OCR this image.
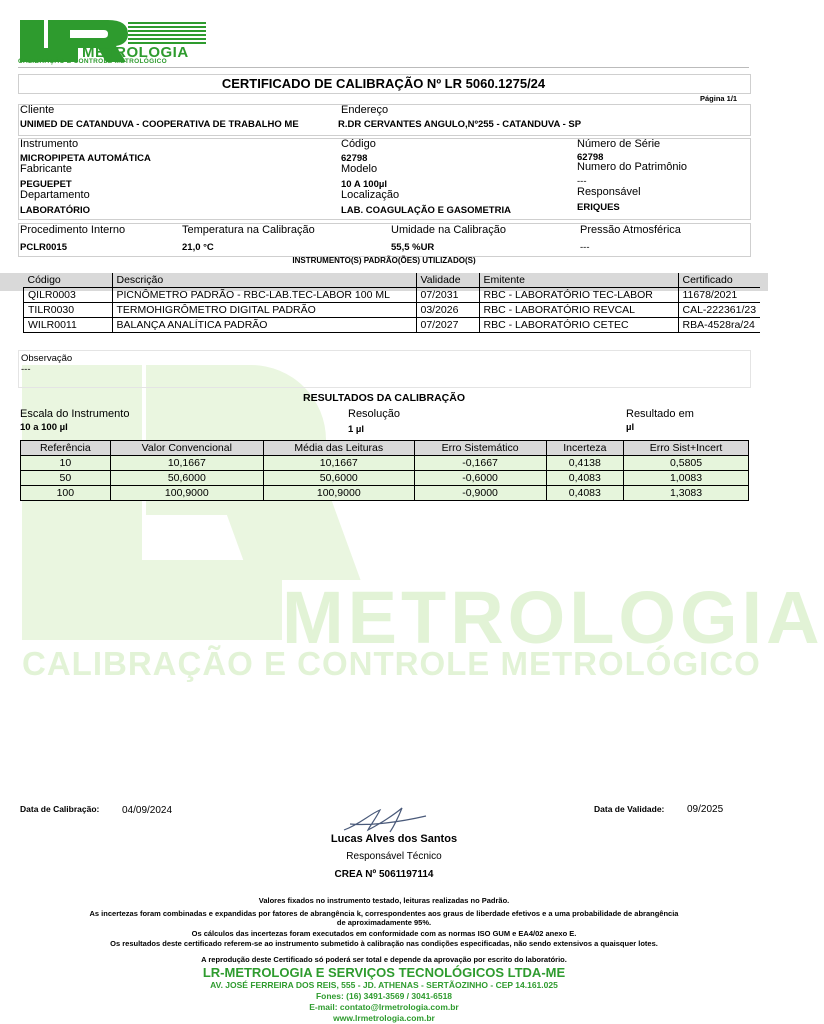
METROLOGIA
CALIBRAÇÃO E CONTROLE METROLÓGICO
METROLOGIA
CALIBRAÇÃO E CONTROLE METROLÓGICO
CERTIFICADO DE CALIBRAÇÃO Nº LR 5060.1275/24
Página 1/1
Cliente
UNIMED DE CATANDUVA - COOPERATIVA DE TRABALHO ME
Endereço
R.DR CERVANTES ANGULO,Nº255 - CATANDUVA - SP
Instrumento
MICROPIPETA AUTOMÁTICA
Fabricante
PEGUEPET
Departamento
LABORATÓRIO
Código
62798
Modelo
10 A 100µl
Localização
LAB. COAGULAÇÃO E GASOMETRIA
Número de Série
62798
Numero do Patrimônio
---
Responsável
ERIQUES
Procedimento Interno
PCLR0015
Temperatura na Calibração
21,0 °C
Umidade na Calibração
55,5 %UR
Pressão Atmosférica
---
INSTRUMENTO(S) PADRÃO(ÕES) UTILIZADO(S)
Código	Descrição	Validade	Emitente	Certificado
QILR0003	PICNÔMETRO PADRÃO - RBC-LAB.TEC-LABOR 100 ML	07/2031	RBC - LABORATÓRIO TEC-LABOR	11678/2021
TILR0030	TERMOHIGRÔMETRO DIGITAL PADRÃO	03/2026	RBC - LABORATÓRIO REVCAL	CAL-222361/23
WILR0011	BALANÇA ANALÍTICA PADRÃO	07/2027	RBC - LABORATÓRIO CETEC	RBA-4528ra/24
Observação
---
RESULTADOS DA CALIBRAÇÃO
Escala do Instrumento
10 a 100 µl
Resolução
1 µl
Resultado em
µl
Referência	Valor Convencional	Média das Leituras	Erro Sistemático	Incerteza	Erro Sist+Incert
10	10,1667	10,1667	-0,1667	0,4138	0,5805
50	50,6000	50,6000	-0,6000	0,4083	1,0083
100	100,9000	100,9000	-0,9000	0,4083	1,3083
Data de Calibração: 04/09/2024	Data de Validade: 09/2025
Lucas Alves dos Santos
Responsável Técnico
CREA Nº 5061197114
Valores fixados no instrumento testado, leituras realizadas no Padrão.
As incertezas foram combinadas e expandidas por fatores de abrangência k, correspondentes aos graus de liberdade efetivos e a uma probabilidade de abrangência
de aproximadamente 95%.
Os cálculos das incertezas foram executados em conformidade com as normas ISO GUM e EA4/02 anexo E.
Os resultados deste certificado referem-se ao instrumento submetido à calibração nas condições especificadas, não sendo extensivos a quaisquer lotes.
A reprodução deste Certificado só poderá ser total e depende da aprovação por escrito do laboratório.
LR-METROLOGIA E SERVIÇOS TECNOLÓGICOS LTDA-ME
AV. JOSÉ FERREIRA DOS REIS, 555 - JD. ATHENAS - SERTÃOZINHO - CEP 14.161.025
Fones: (16) 3491-3569 / 3041-6518
E-mail: contato@lrmetrologia.com.br
www.lrmetrologia.com.br
